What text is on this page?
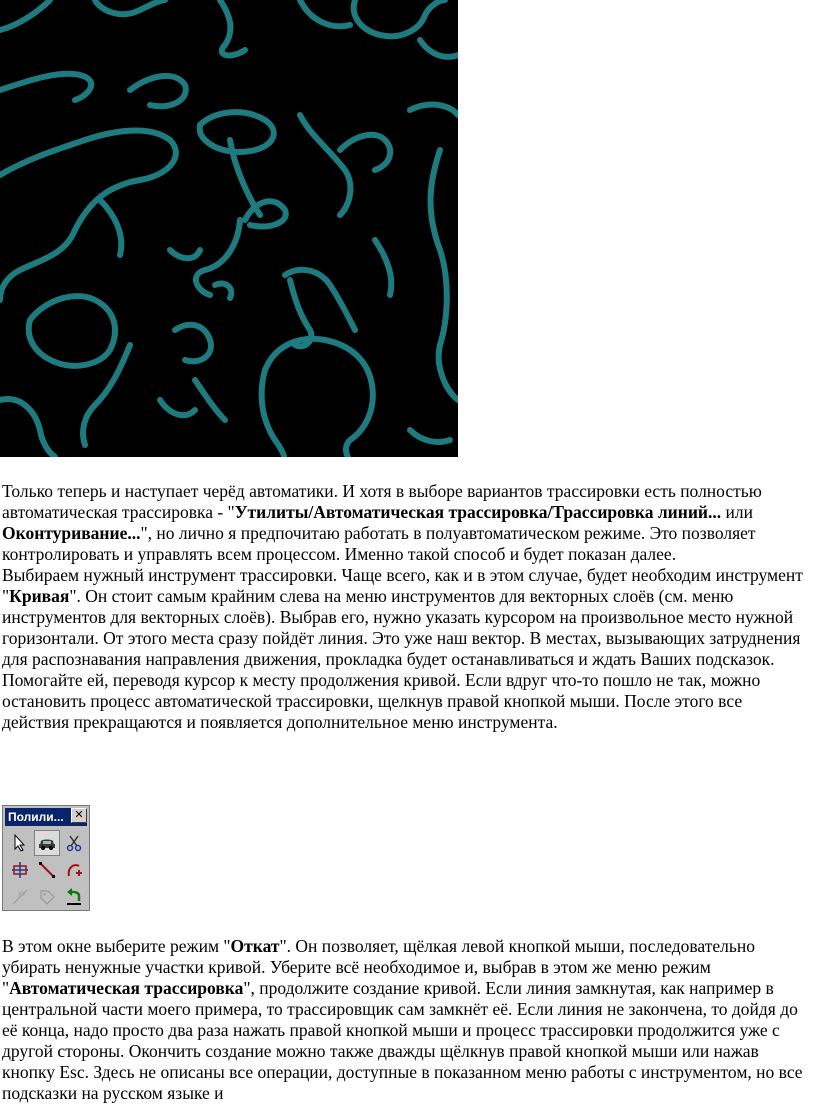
Только теперь и наступает черёд автоматики. И хотя в выборе вариантов трассировки есть полностью автоматическая трассировка - "Утилиты/Автоматическая трассировка/Трассировка линий... или Оконтуривание...", но лично я предпочитаю работать в полуавтоматическом режиме. Это позволяет контролировать и управлять всем процессом. Именно такой способ и будет показан далее.

Выбираем нужный инструмент трассировки. Чаще всего, как и в этом случае, будет необходим инструмент "Кривая". Он стоит самым крайним слева на меню инструментов для векторных слоёв (см. меню инструментов для векторных слоёв). Выбрав его, нужно указать курсором на произвольное место нужной горизонтали. От этого места сразу пойдёт линия. Это уже наш вектор. В местах, вызывающих затруднения для распознавания направления движения, прокладка будет останавливаться и ждать Ваших подсказок. Помогайте ей, переводя курсор к месту продолжения кривой. Если вдруг что-то пошло не так, можно остановить процесс автоматической трассировки, щелкнув правой кнопкой мыши. После этого все действия прекращаются и появляется дополнительное меню инструмента.

Полили... ✕
XY

В этом окне выберите режим "Откат". Он позволяет, щёлкая левой кнопкой мыши, последовательно убирать ненужные участки кривой. Уберите всё необходимое и, выбрав в этом же меню режим "Автоматическая трассировка", продолжите создание кривой. Если линия замкнутая, как например в центральной части моего примера, то трассировщик сам замкнёт её. Если линия не закончена, то дойдя до её конца, надо просто два раза нажать правой кнопкой мыши и процесс трассировки продолжится уже с другой стороны. Окончить создание можно также дважды щёлкнув правой кнопкой мыши или нажав кнопку Esc. Здесь не описаны все операции, доступные в показанном меню работы с инструментом, но все подсказки на русском языке и
